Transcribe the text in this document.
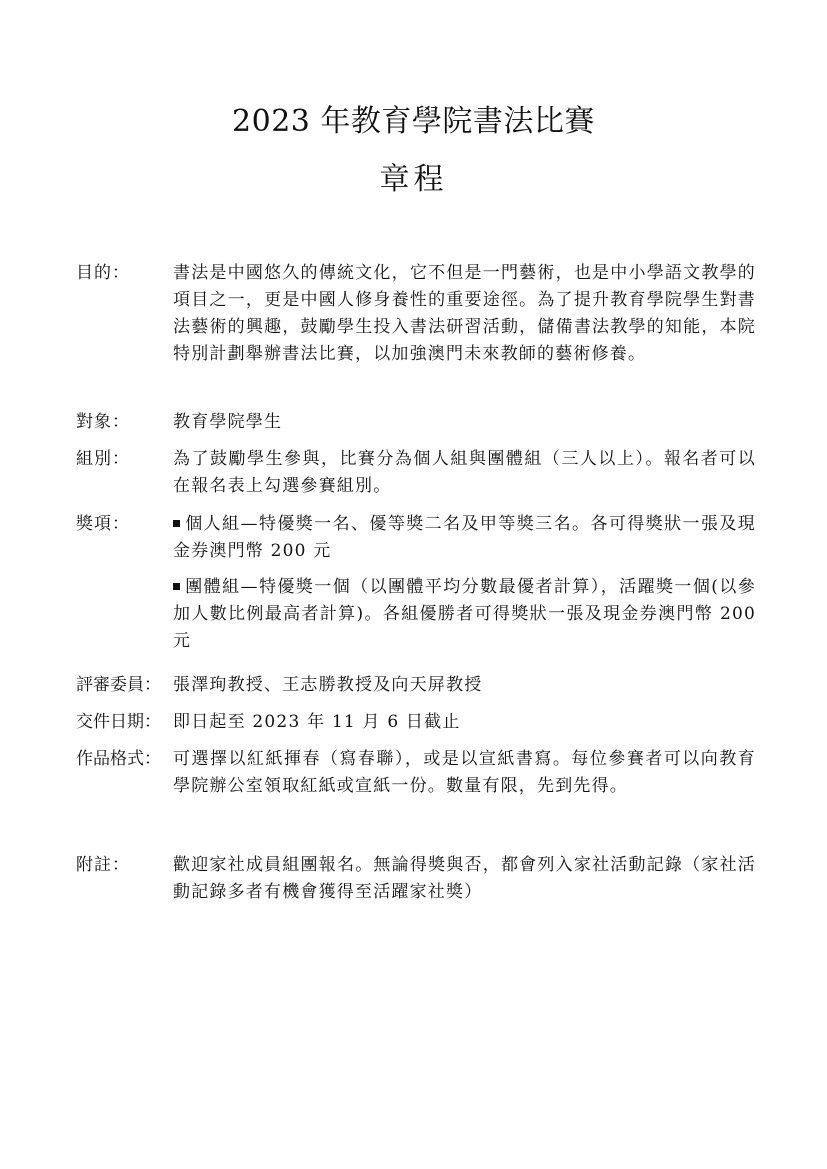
2023 年教育學院書法比賽
章程
目的：	書法是中國悠久的傳統文化，它不但是一門藝術，也是中小學語文教學的項目之一，更是中國人修身養性的重要途徑。為了提升教育學院學生對書法藝術的興趣，鼓勵學生投入書法研習活動，儲備書法教學的知能，本院特別計劃舉辦書法比賽，以加強澳門未來教師的藝術修養。

對象：	教育學院學生

組別：	為了鼓勵學生參與，比賽分為個人組與團體組（三人以上）。報名者可以在報名表上勾選參賽組別。

獎項：	個人組—特優獎一名、優等獎二名及甲等獎三名。各可得獎狀一張及現金券澳門幣 200 元

團體組—特優獎一個（以團體平均分數最優者計算），活躍獎一個(以參加人數比例最高者計算)。各組優勝者可得獎狀一張及現金券澳門幣 200 元

評審委員： 張澤珣教授、王志勝教授及向天屏教授

交件日期： 即日起至 2023 年 11 月 6 日截止

作品格式： 可選擇以紅紙揮春（寫春聯），或是以宣紙書寫。每位參賽者可以向教育學院辦公室領取紅紙或宣紙一份。數量有限，先到先得。

附註：	歡迎家社成員組團報名。無論得獎與否，都會列入家社活動記錄（家社活動記錄多者有機會獲得至活躍家社獎）
